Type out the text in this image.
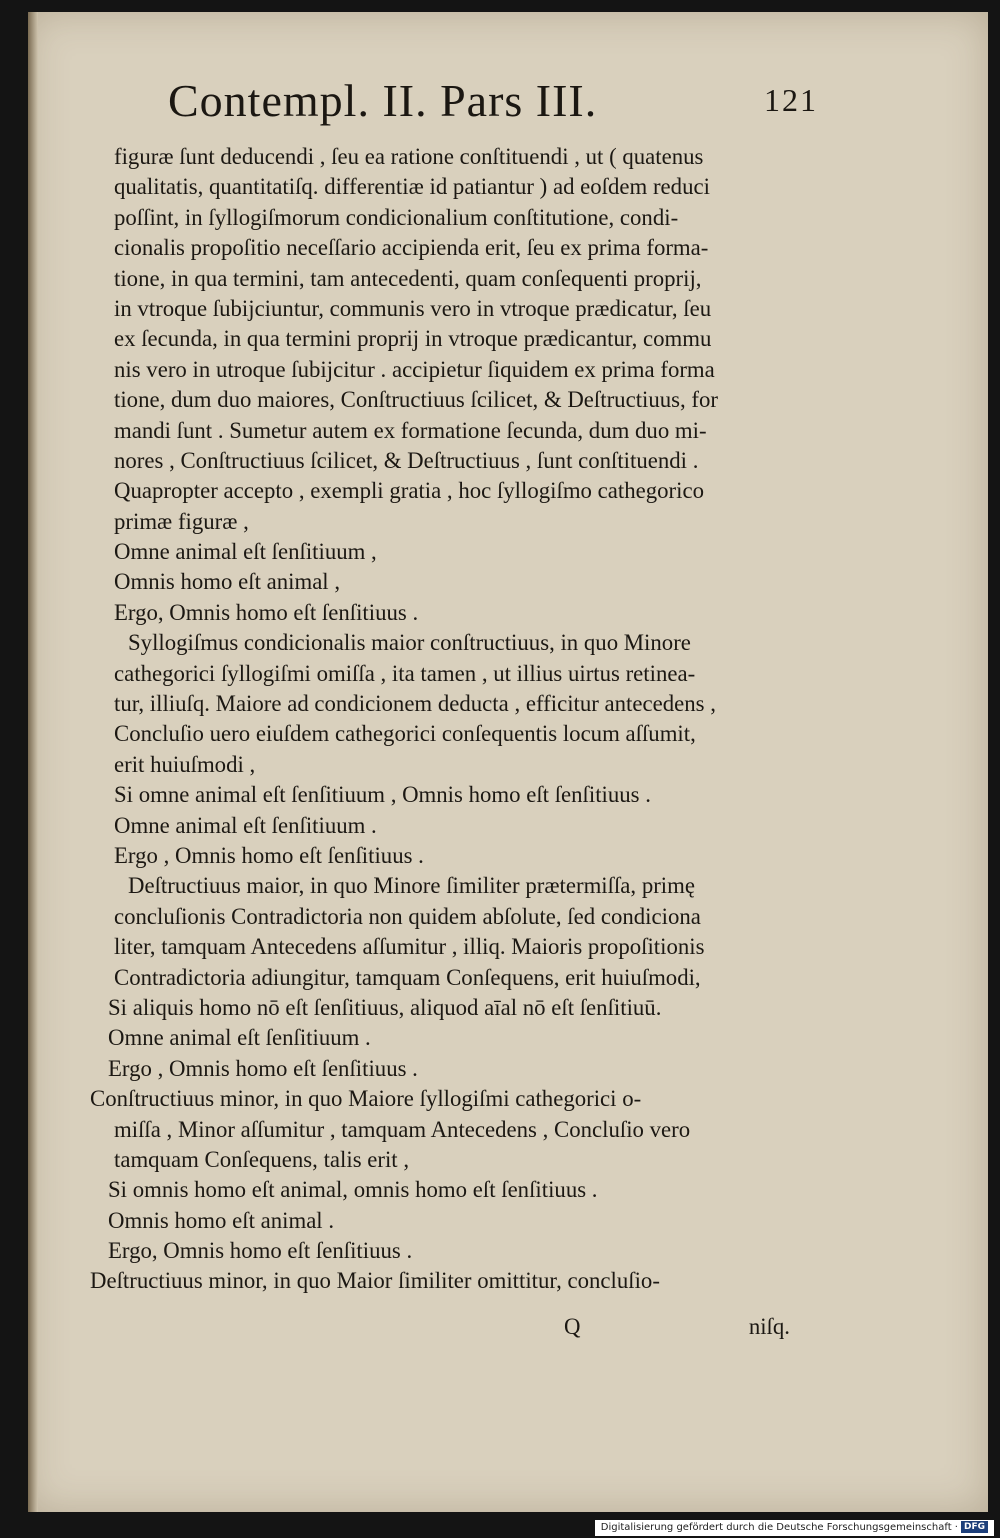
Contempl. II. Pars III.	121
figuræ ſunt deducendi , ſeu ea ratione conſtituendi , ut ( quatenus
qualitatis, quantitatiſq. differentiæ id patiantur ) ad eoſdem reduci
poſſint, in ſyllogiſmorum condicionalium conſtitutione, condi-
cionalis propoſitio neceſſario accipienda erit, ſeu ex prima forma-
tione, in qua termini, tam antecedenti, quam conſequenti proprij,
in vtroque ſubijciuntur, communis vero in vtroque prædicatur, ſeu
ex ſecunda, in qua termini proprij in vtroque prædicantur, commu
nis vero in utroque ſubijcitur . accipietur ſiquidem ex prima forma
tione, dum duo maiores, Conſtructiuus ſcilicet, & Deſtructiuus, for
mandi ſunt . Sumetur autem ex formatione ſecunda, dum duo mi-
nores , Conſtructiuus ſcilicet, & Deſtructiuus , ſunt conſtituendi .
Quapropter accepto , exempli gratia , hoc ſyllogiſmo cathegorico
primæ figuræ ,
Omne animal eſt ſenſitiuum ,
Omnis homo eſt animal ,
Ergo, Omnis homo eſt ſenſitiuus .
Syllogiſmus condicionalis maior conſtructiuus, in quo Minore
cathegorici ſyllogiſmi omiſſa , ita tamen , ut illius uirtus retinea-
tur, illiuſq. Maiore ad condicionem deducta , efficitur antecedens ,
Concluſio uero eiuſdem cathegorici conſequentis locum aſſumit,
erit huiuſmodi ,
Si omne animal eſt ſenſitiuum , Omnis homo eſt ſenſitiuus .
Omne animal eſt ſenſitiuum .
Ergo , Omnis homo eſt ſenſitiuus .
Deſtructiuus maior, in quo Minore ſimiliter prætermiſſa, primę
concluſionis Contradictoria non quidem abſolute, ſed condiciona
liter, tamquam Antecedens aſſumitur , illiq. Maioris propoſitionis
Contradictoria adiungitur, tamquam Conſequens, erit huiuſmodi,
Si aliquis homo nō eſt ſenſitiuus, aliquod aīal nō eſt ſenſitiuū.
Omne animal eſt ſenſitiuum .
Ergo , Omnis homo eſt ſenſitiuus .
Conſtructiuus minor, in quo Maiore ſyllogiſmi cathegorici o-
miſſa , Minor aſſumitur , tamquam Antecedens , Concluſio vero
tamquam Conſequens, talis erit ,
Si omnis homo eſt animal, omnis homo eſt ſenſitiuus .
Omnis homo eſt animal .
Ergo, Omnis homo eſt ſenſitiuus .
Deſtructiuus minor, in quo Maior ſimiliter omittitur, concluſio-
Q	niſq.
Digitalisierung gefördert durch die Deutsche Forschungsgemeinschaft · DFG
